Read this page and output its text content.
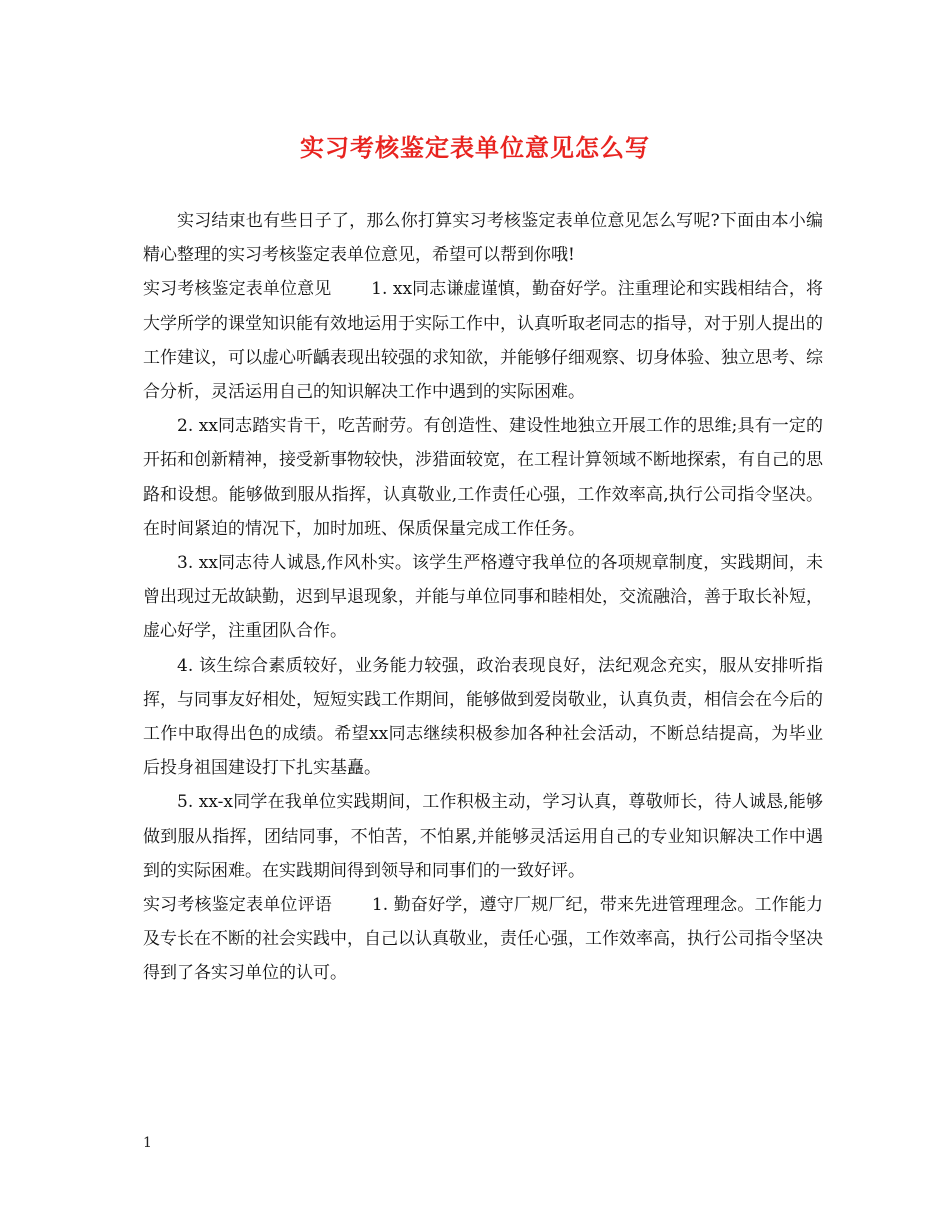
实习考核鉴定表单位意见怎么写

实习结束也有些日子了，那么你打算实习考核鉴定表单位意见怎么写呢?下面由本小编精心整理的实习考核鉴定表单位意见，希望可以帮到你哦!

实习考核鉴定表单位意见　　 1. xx同志谦虚谨慎，勤奋好学。注重理论和实践相结合，将大学所学的课堂知识能有效地运用于实际工作中，认真听取老同志的指导，对于别人提出的工作建议，可以虚心听齲表现出较强的求知欲，并能够仔细观察、切身体验、独立思考、综合分析，灵活运用自己的知识解决工作中遇到的实际困难。

2. xx同志踏实肯干，吃苦耐劳。有创造性、建设性地独立开展工作的思维;具有一定的开拓和创新精神，接受新事物较快，涉猎面较宽，在工程计算领域不断地探索，有自己的思路和设想。能够做到服从指挥，认真敬业,工作责任心强，工作效率高,执行公司指令坚决。在时间紧迫的情况下，加时加班、保质保量完成工作任务。

3. xx同志待人诚恳,作风朴实。该学生严格遵守我单位的各项规章制度，实践期间，未曾出现过无故缺勤，迟到早退现象，并能与单位同事和睦相处，交流融洽，善于取长补短，虚心好学，注重团队合作。

4. 该生综合素质较好，业务能力较强，政治表现良好，法纪观念充实，服从安排听指挥，与同事友好相处，短短实践工作期间，能够做到爱岗敬业，认真负责，相信会在今后的工作中取得出色的成绩。希望xx同志继续积极参加各种社会活动，不断总结提高，为毕业后投身祖国建设打下扎实基矗。

5. xx-x同学在我单位实践期间，工作积极主动，学习认真，尊敬师长，待人诚恳,能够做到服从指挥，团结同事，不怕苦，不怕累,并能够灵活运用自己的专业知识解决工作中遇到的实际困难。在实践期间得到领导和同事们的一致好评。

实习考核鉴定表单位评语　　 1. 勤奋好学，遵守厂规厂纪，带来先进管理理念。工作能力及专长在不断的社会实践中，自己以认真敬业，责任心强，工作效率高，执行公司指令坚决得到了各实习单位的认可。

1
